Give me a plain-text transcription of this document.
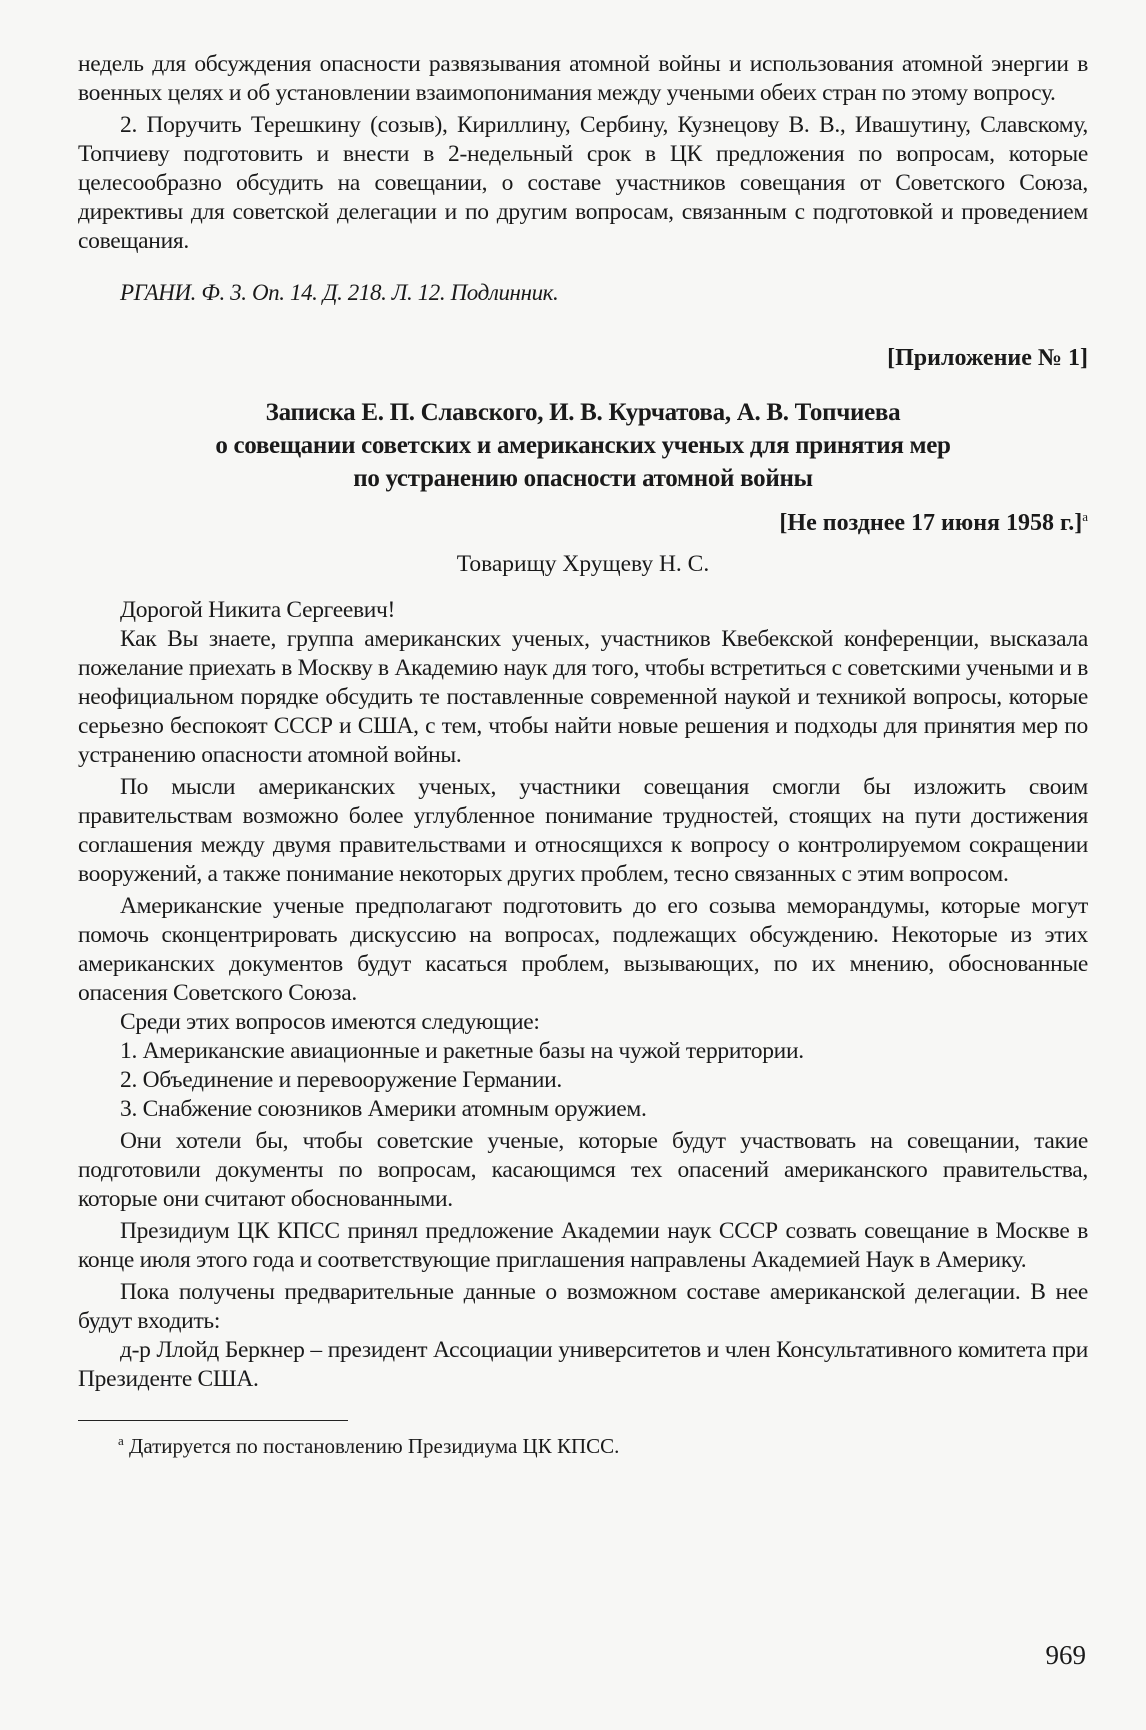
недель для обсуждения опасности развязывания атомной войны и использования атомной энергии в военных целях и об установлении взаимопонимания между учеными обеих стран по этому вопросу.

2. Поручить Терешкину (созыв), Кириллину, Сербину, Кузнецову В. В., Ивашутину, Славскому, Топчиеву подготовить и внести в 2-недельный срок в ЦК предложения по вопросам, которые целесообразно обсудить на совещании, о составе участников совещания от Советского Союза, директивы для советской делегации и по другим вопросам, связанным с подготовкой и проведением совещания.

РГАНИ. Ф. 3. Оп. 14. Д. 218. Л. 12. Подлинник.

[Приложение № 1]
Записка Е. П. Славского, И. В. Курчатова, А. В. Топчиева
о совещании советских и американских ученых для принятия мер
по устранению опасности атомной войны
[Не позднее 17 июня 1958 г.]$^а$
Товарищу Хрущеву Н. С.

Дорогой Никита Сергеевич!

Как Вы знаете, группа американских ученых, участников Квебекской конференции, высказала пожелание приехать в Москву в Академию наук для того, чтобы встретиться с советскими учеными и в неофициальном порядке обсудить те поставленные современной наукой и техникой вопросы, которые серьезно беспокоят СССР и США, с тем, чтобы найти новые решения и подходы для принятия мер по устранению опасности атомной войны.

По мысли американских ученых, участники совещания смогли бы изложить своим правительствам возможно более углубленное понимание трудностей, стоящих на пути достижения соглашения между двумя правительствами и относящихся к вопросу о контролируемом сокращении вооружений, а также понимание некоторых других проблем, тесно связанных с этим вопросом.

Американские ученые предполагают подготовить до его созыва меморандумы, которые могут помочь сконцентрировать дискуссию на вопросах, подлежащих обсуждению. Некоторые из этих американских документов будут касаться проблем, вызывающих, по их мнению, обоснованные опасения Советского Союза.

Среди этих вопросов имеются следующие:

1. Американские авиационные и ракетные базы на чужой территории.

2. Объединение и перевооружение Германии.

3. Снабжение союзников Америки атомным оружием.

Они хотели бы, чтобы советские ученые, которые будут участвовать на совещании, такие подготовили документы по вопросам, касающимся тех опасений американского правительства, которые они считают обоснованными.

Президиум ЦК КПСС принял предложение Академии наук СССР созвать совещание в Москве в конце июля этого года и соответствующие приглашения направлены Академией Наук в Америку.

Пока получены предварительные данные о возможном составе американской делегации. В нее будут входить:

д-р Ллойд Беркнер – президент Ассоциации университетов и член Консультативного комитета при Президенте США.

$^а$ Датируется по постановлению Президиума ЦК КПСС.
969
